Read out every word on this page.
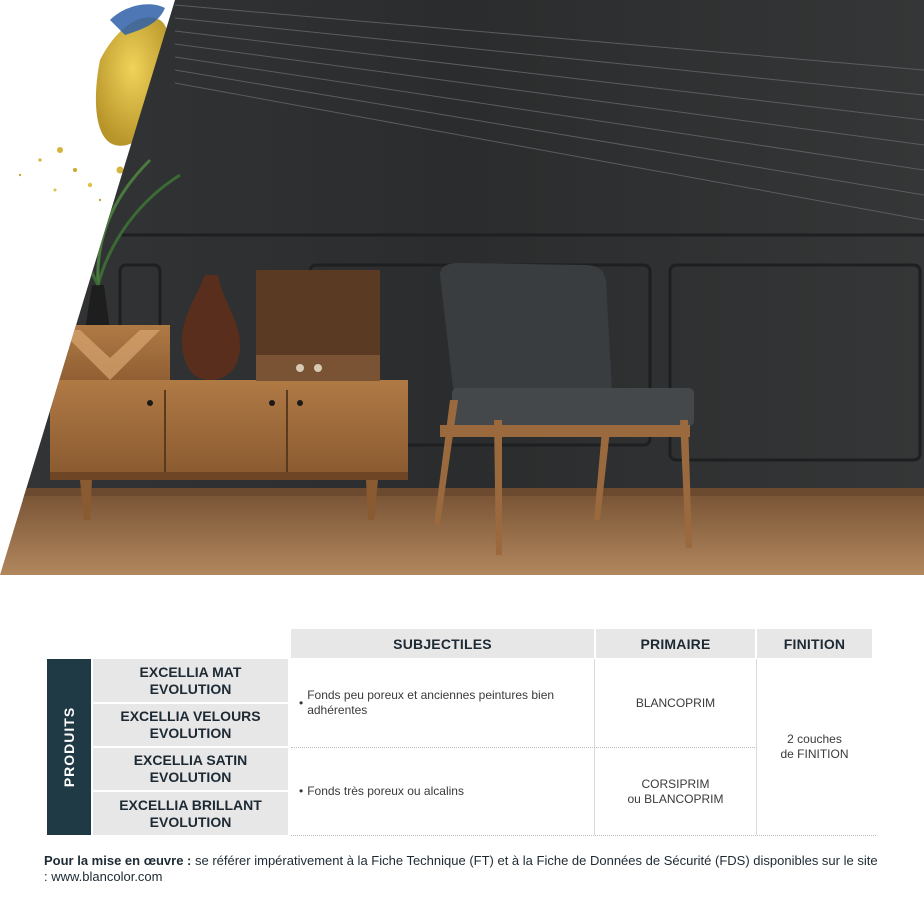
SUBJECTILES	PRIMAIRE	FINITION
PRODUITS
EXCELLIA MAT
EVOLUTION
EXCELLIA VELOURS
EVOLUTION
EXCELLIA SATIN
EVOLUTION
EXCELLIA BRILLANT
EVOLUTION
•
Fonds peu poreux et anciennes peintures bien adhérentes
• Fonds très poreux ou alcalins
BLANCOPRIM
CORSIPRIM
ou BLANCOPRIM
2 couches
de FINITION
Pour la mise en œuvre : se référer impérativement à la Fiche Technique (FT) et à la Fiche de Données de Sécurité (FDS) disponibles sur le site : www.blancolor.com
